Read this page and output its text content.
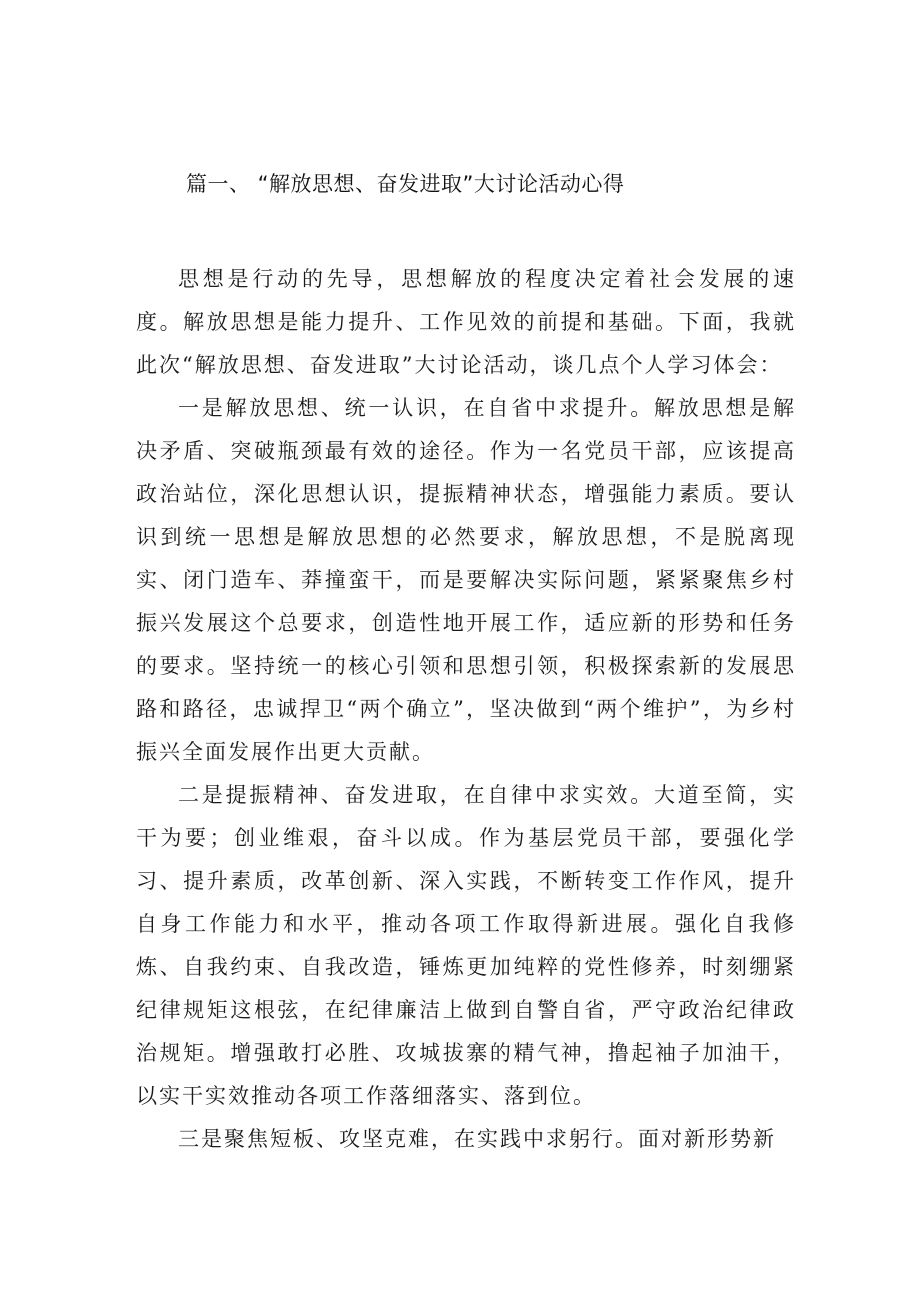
篇一、 “解放思想、奋发进取”大讨论活动心得

思想是行动的先导，思想解放的程度决定着社会发展的速度。解放思想是能力提升、工作见效的前提和基础。下面，我就此次“解放思想、奋发进取”大讨论活动，谈几点个人学习体会：

一是解放思想、统一认识，在自省中求提升。解放思想是解决矛盾、突破瓶颈最有效的途径。作为一名党员干部，应该提高政治站位，深化思想认识，提振精神状态，增强能力素质。要认识到统一思想是解放思想的必然要求，解放思想，不是脱离现实、闭门造车、莽撞蛮干，而是要解决实际问题，紧紧聚焦乡村振兴发展这个总要求，创造性地开展工作，适应新的形势和任务的要求。坚持统一的核心引领和思想引领，积极探索新的发展思路和路径，忠诚捍卫“两个确立”，坚决做到“两个维护”，为乡村振兴全面发展作出更大贡献。

二是提振精神、奋发进取，在自律中求实效。大道至简，实干为要；创业维艰，奋斗以成。作为基层党员干部，要强化学习、提升素质，改革创新、深入实践，不断转变工作作风，提升自身工作能力和水平，推动各项工作取得新进展。强化自我修炼、自我约束、自我改造，锤炼更加纯粹的党性修养，时刻绷紧纪律规矩这根弦，在纪律廉洁上做到自警自省，严守政治纪律政治规矩。增强敢打必胜、攻城拔寨的精气神，撸起袖子加油干，以实干实效推动各项工作落细落实、落到位。

三是聚焦短板、攻坚克难，在实践中求躬行。面对新形势新
